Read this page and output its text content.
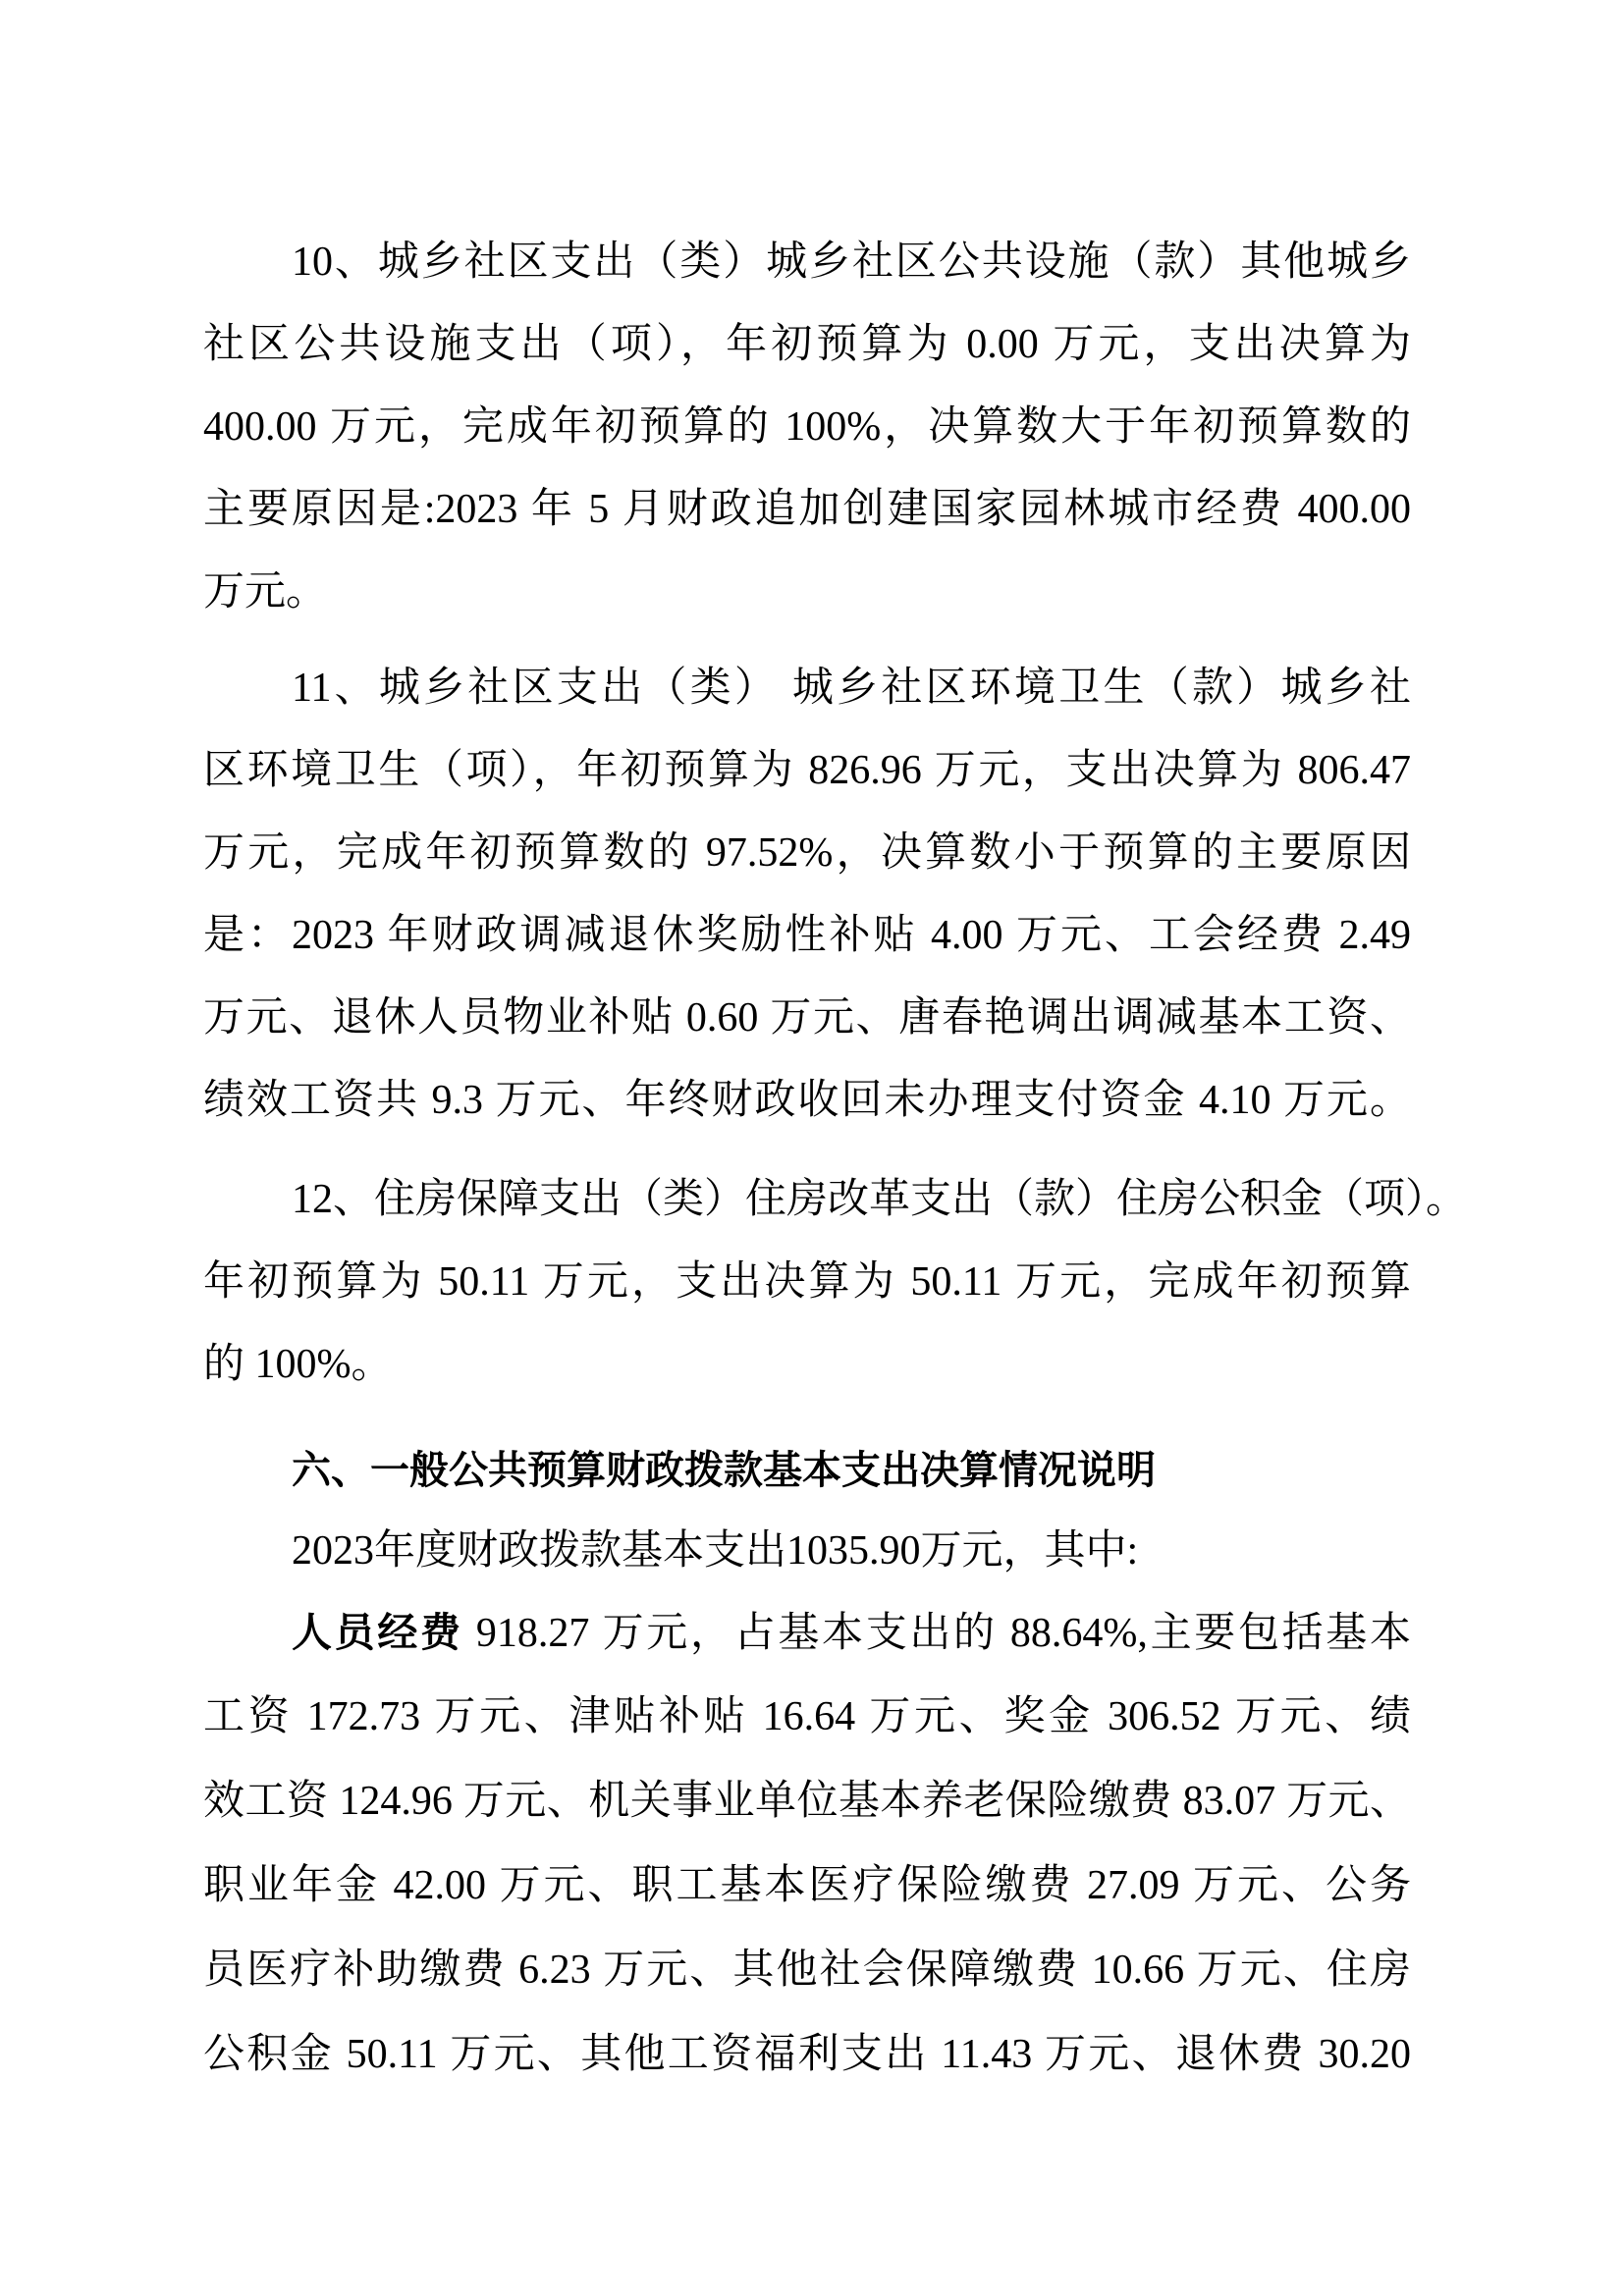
10、城乡社区支出（类）城乡社区公共设施（款）其他城乡
社区公共设施支出（项），年初预算为 0.00 万元，支出决算为
400.00 万元，完成年初预算的 100%，决算数大于年初预算数的
主要原因是:2023 年 5 月财政追加创建国家园林城市经费 400.00
万元。
11、城乡社区支出（类） 城乡社区环境卫生（款）城乡社
区环境卫生（项），年初预算为 826.96 万元，支出决算为 806.47
万元，完成年初预算数的 97.52%，决算数小于预算的主要原因
是：2023 年财政调减退休奖励性补贴 4.00 万元、工会经费 2.49
万元、退休人员物业补贴 0.60 万元、唐春艳调出调减基本工资、
绩效工资共 9.3 万元、年终财政收回未办理支付资金 4.10 万元。
12、住房保障支出（类）住房改革支出（款）住房公积金（项）。
年初预算为 50.11 万元，支出决算为 50.11 万元，完成年初预算
的 100%。
六、一般公共预算财政拨款基本支出决算情况说明
2023年度财政拨款基本支出1035.90万元，其中:
人员经费 918.27 万元，占基本支出的 88.64%,主要包括基本
工资 172.73 万元、津贴补贴 16.64 万元、奖金 306.52 万元、绩
效工资 124.96 万元、机关事业单位基本养老保险缴费 83.07 万元、
职业年金 42.00 万元、职工基本医疗保险缴费 27.09 万元、公务
员医疗补助缴费 6.23 万元、其他社会保障缴费 10.66 万元、住房
公积金 50.11 万元、其他工资福利支出 11.43 万元、退休费 30.20
